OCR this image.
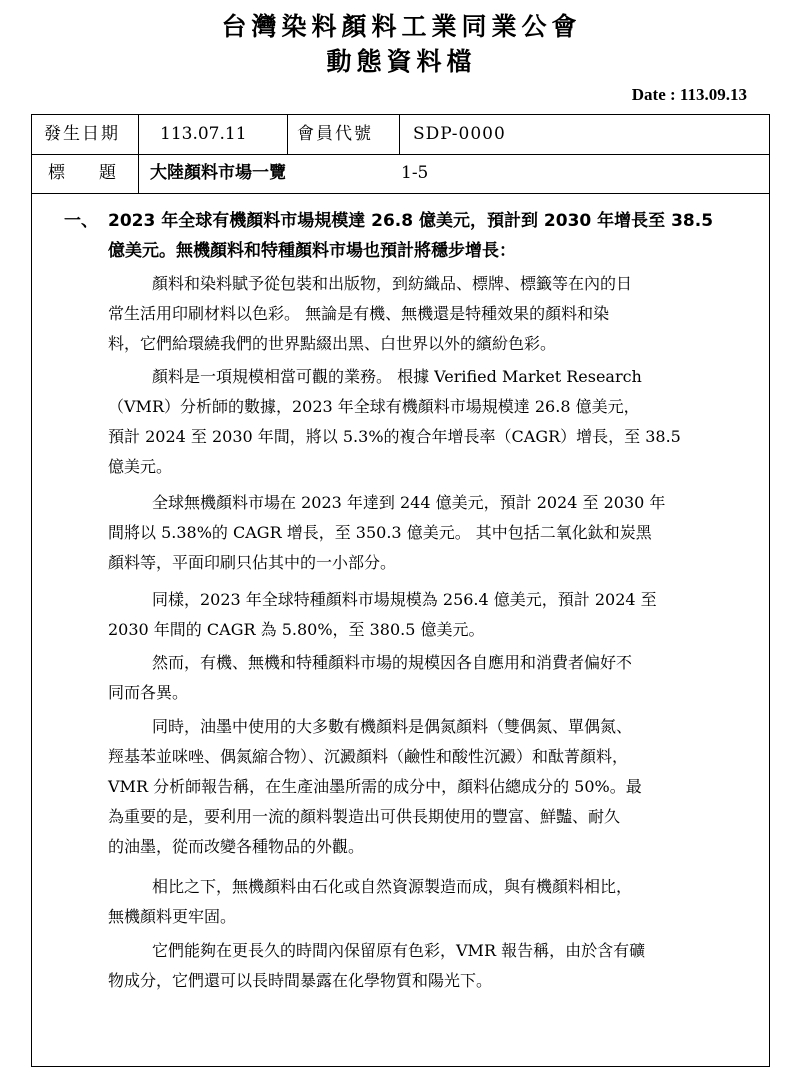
台灣染料顏料工業同業公會
動態資料檔
Date : 113.09.13
發生日期 113.07.11	會員代號 SDP-0000
標　　題 大陸顏料市場一覽	1-5
一、 2023 年全球有機顏料市場規模達 26.8 億美元，預計到 2030 年增長至 38.5
億美元。無機顏料和特種顏料市場也預計將穩步增長：
顏料和染料賦予從包裝和出版物，到紡織品、標牌、標籤等在內的日
常生活用印刷材料以色彩。 無論是有機、無機還是特種效果的顏料和染
料，它們給環繞我們的世界點綴出黑、白世界以外的繽紛色彩。
顏料是一項規模相當可觀的業務。 根據 Verified Market Research
（VMR）分析師的數據，2023 年全球有機顏料市場規模達 26.8 億美元，
預計 2024 至 2030 年間，將以 5.3%的複合年增長率（CAGR）增長，至 38.5
億美元。
全球無機顏料市場在 2023 年達到 244 億美元，預計 2024 至 2030 年
間將以 5.38%的 CAGR 增長，至 350.3 億美元。 其中包括二氧化鈦和炭黑
顏料等，平面印刷只佔其中的一小部分。
同樣，2023 年全球特種顏料市場規模為 256.4 億美元，預計 2024 至
2030 年間的 CAGR 為 5.80%，至 380.5 億美元。
然而，有機、無機和特種顏料市場的規模因各自應用和消費者偏好不
同而各異。
同時，油墨中使用的大多數有機顏料是偶氮顏料（雙偶氮、單偶氮、
羥基苯並咪唑、偶氮縮合物）、沉澱顏料（鹼性和酸性沉澱）和酞菁顏料，
VMR 分析師報告稱，在生產油墨所需的成分中，顏料佔總成分的 50%。最
為重要的是，要利用一流的顏料製造出可供長期使用的豐富、鮮豔、耐久
的油墨，從而改變各種物品的外觀。
相比之下，無機顏料由石化或自然資源製造而成，與有機顏料相比，
無機顏料更牢固。
它們能夠在更長久的時間內保留原有色彩，VMR 報告稱，由於含有礦
物成分，它們還可以長時間暴露在化學物質和陽光下。
